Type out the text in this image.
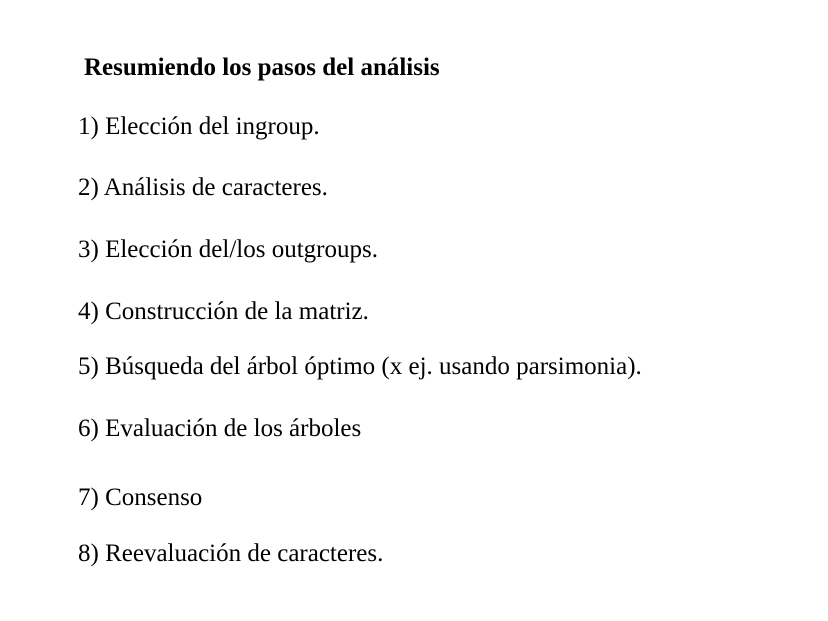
Resumiendo los pasos del análisis
1) Elección del ingroup.
2) Análisis de caracteres.
3) Elección del/los outgroups.
4) Construcción de la matriz.
5) Búsqueda del árbol óptimo (x ej. usando parsimonia).
6) Evaluación de los árboles
7) Consenso
8) Reevaluación de caracteres.
